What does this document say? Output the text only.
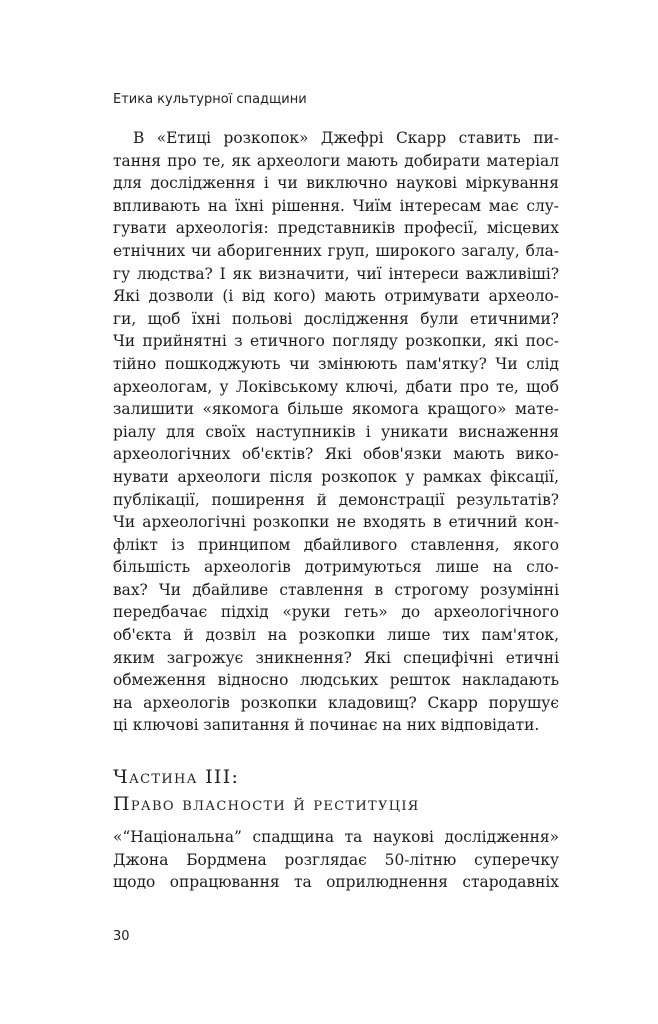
Етика культурної спадщини
В «Етиці розкопок» Джефрі Скарр ставить пи-
тання про те, як археологи мають добирати матеріал
для дослідження і чи виключно наукові міркування
впливають на їхні рішення. Чиїм інтересам має слу-
гувати археологія: представників професії, місцевих
етнічних чи аборигенних груп, широкого загалу, бла-
гу людства? І як визначити, чиї інтереси важливіші?
Які дозволи (і від кого) мають отримувати археоло-
ги, щоб їхні польові дослідження були етичними?
Чи прийнятні з етичного погляду розкопки, які пос-
тійно пошкоджують чи змінюють пам'ятку? Чи слід
археологам, у Локівському ключі, дбати про те, щоб
залишити «якомога більше якомога кращого» мате-
ріалу для своїх наступників і уникати виснаження
археологічних об'єктів? Які обов'язки мають вико-
нувати археологи після розкопок у рамках фіксації,
публікації, поширення й демонстрації результатів?
Чи археологічні розкопки не входять в етичний кон-
флікт із принципом дбайливого ставлення, якого
більшість археологів дотримуються лише на сло-
вах? Чи дбайливе ставлення в строгому розумінні
передбачає підхід «руки геть» до археологічного
об'єкта й дозвіл на розкопки лише тих пам'яток,
яким загрожує зникнення? Які специфічні етичні
обмеження відносно людських решток накладають
на археологів розкопки кладовищ? Скарр порушує
ці ключові запитання й починає на них відповідати.
Частина III:
Право власности й реституція
«“Національна” спадщина та наукові дослідження»
Джона Бордмена розглядає 50-літню суперечку
щодо опрацювання та оприлюднення стародавніх
30
